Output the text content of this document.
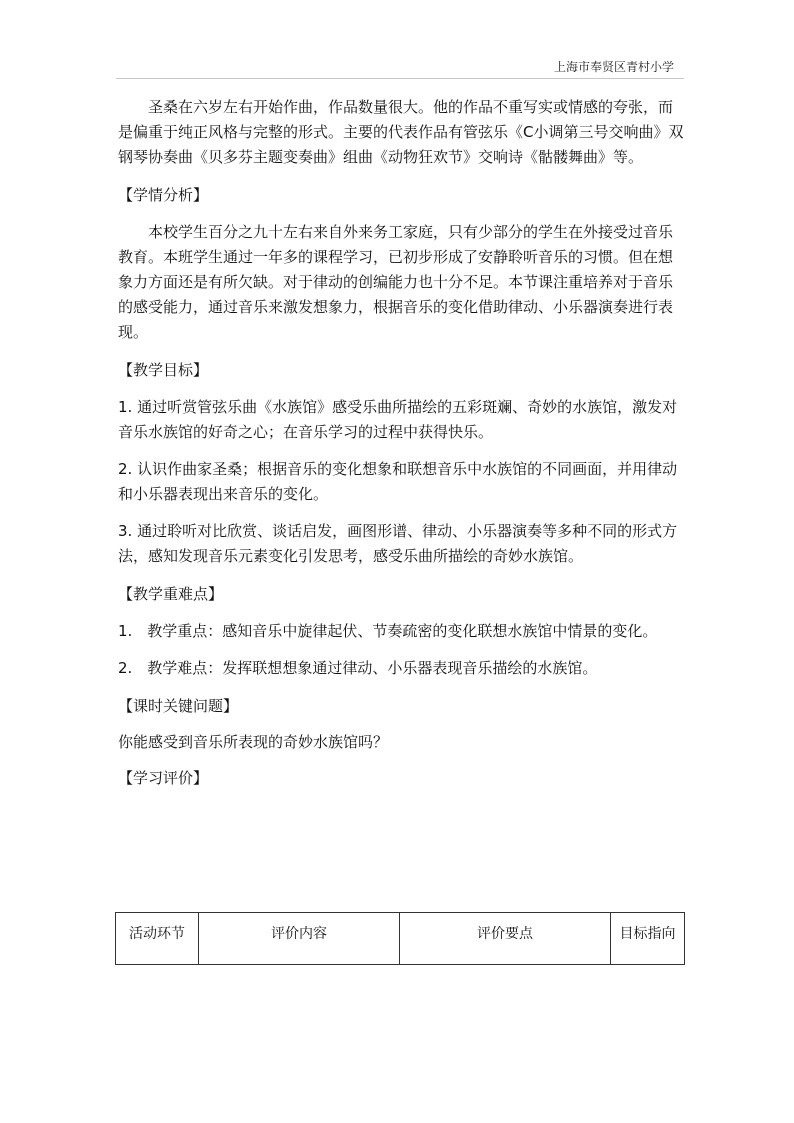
上海市奉贤区青村小学

圣桑在六岁左右开始作曲，作品数量很大。他的作品不重写实或情感的夸张，而是偏重于纯正风格与完整的形式。主要的代表作品有管弦乐《C小调第三号交响曲》双钢琴协奏曲《贝多芬主题变奏曲》组曲《动物狂欢节》交响诗《骷髅舞曲》等。

【学情分析】

本校学生百分之九十左右来自外来务工家庭，只有少部分的学生在外接受过音乐教育。本班学生通过一年多的课程学习，已初步形成了安静聆听音乐的习惯。但在想象力方面还是有所欠缺。对于律动的创编能力也十分不足。本节课注重培养对于音乐的感受能力，通过音乐来激发想象力，根据音乐的变化借助律动、小乐器演奏进行表现。

【教学目标】

1. 通过听赏管弦乐曲《水族馆》感受乐曲所描绘的五彩斑斓、奇妙的水族馆，激发对音乐水族馆的好奇之心；在音乐学习的过程中获得快乐。

2. 认识作曲家圣桑；根据音乐的变化想象和联想音乐中水族馆的不同画面，并用律动和小乐器表现出来音乐的变化。

3. 通过聆听对比欣赏、谈话启发，画图形谱、律动、小乐器演奏等多种不同的形式方法，感知发现音乐元素变化引发思考，感受乐曲所描绘的奇妙水族馆。

【教学重难点】

1.　教学重点：感知音乐中旋律起伏、节奏疏密的变化联想水族馆中情景的变化。

2.　教学难点：发挥联想想象通过律动、小乐器表现音乐描绘的水族馆。

【课时关键问题】

你能感受到音乐所表现的奇妙水族馆吗？

【学习评价】

活动环节	评价内容	评价要点	目标指向
